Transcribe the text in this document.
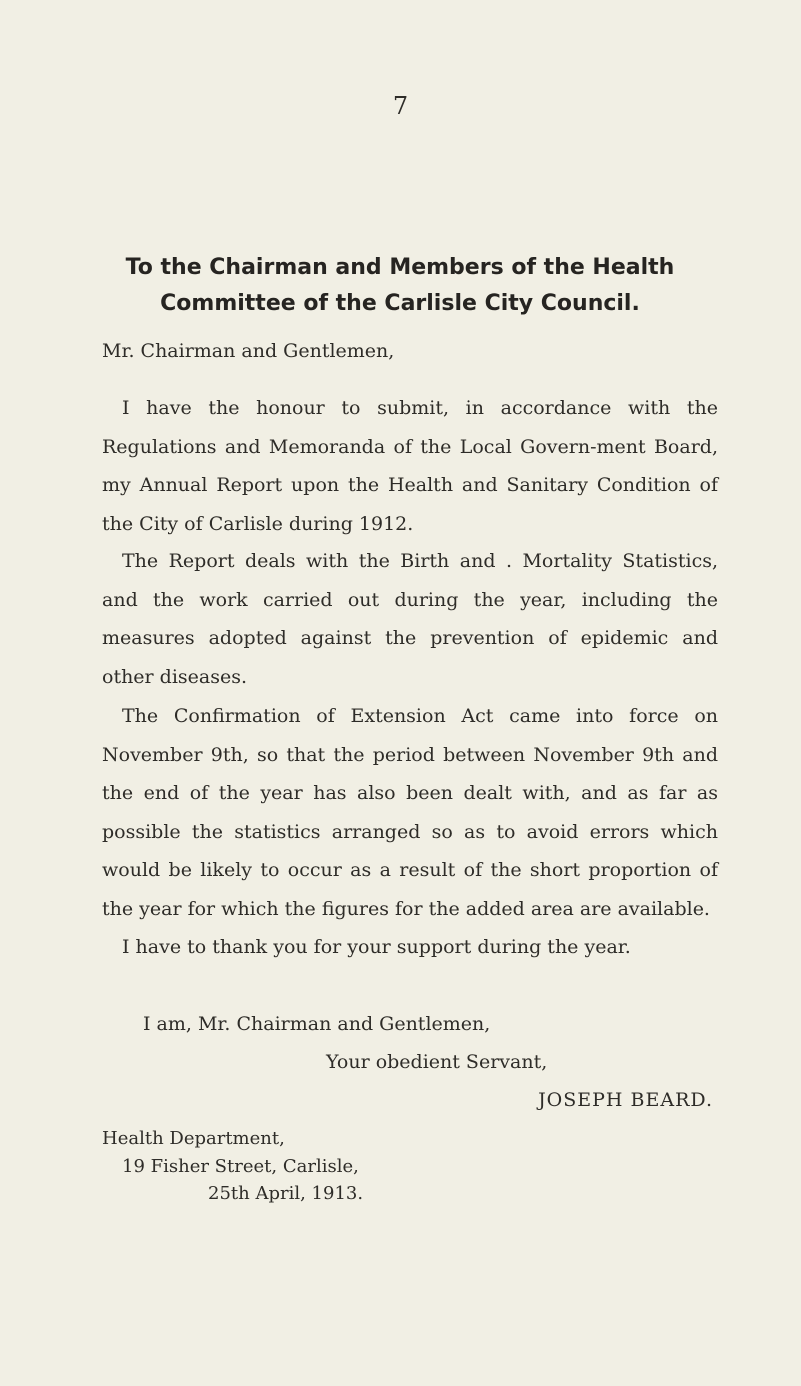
7
To the Chairman and Members of the Health
Committee of the Carlisle City Council.
Mr. Chairman and Gentlemen,

I have the honour to submit, in accordance with the Regulations and Memoranda of the Local Govern-ment Board, my Annual Report upon the Health and Sanitary Condition of the City of Carlisle during 1912.

The Report deals with the Birth and . Mortality Statistics, and the work carried out during the year, including the measures adopted against the prevention of epidemic and other diseases.

The Confirmation of Extension Act came into force on November 9th, so that the period between November 9th and the end of the year has also been dealt with, and as far as possible the statistics arranged so as to avoid errors which would be likely to occur as a result of the short proportion of the year for which the figures for the added area are available.

I have to thank you for your support during the year.

I am, Mr. Chairman and Gentlemen,
Your obedient Servant,
JOSEPH BEARD.
Health Department,
19 Fisher Street, Carlisle,
25th April, 1913.
